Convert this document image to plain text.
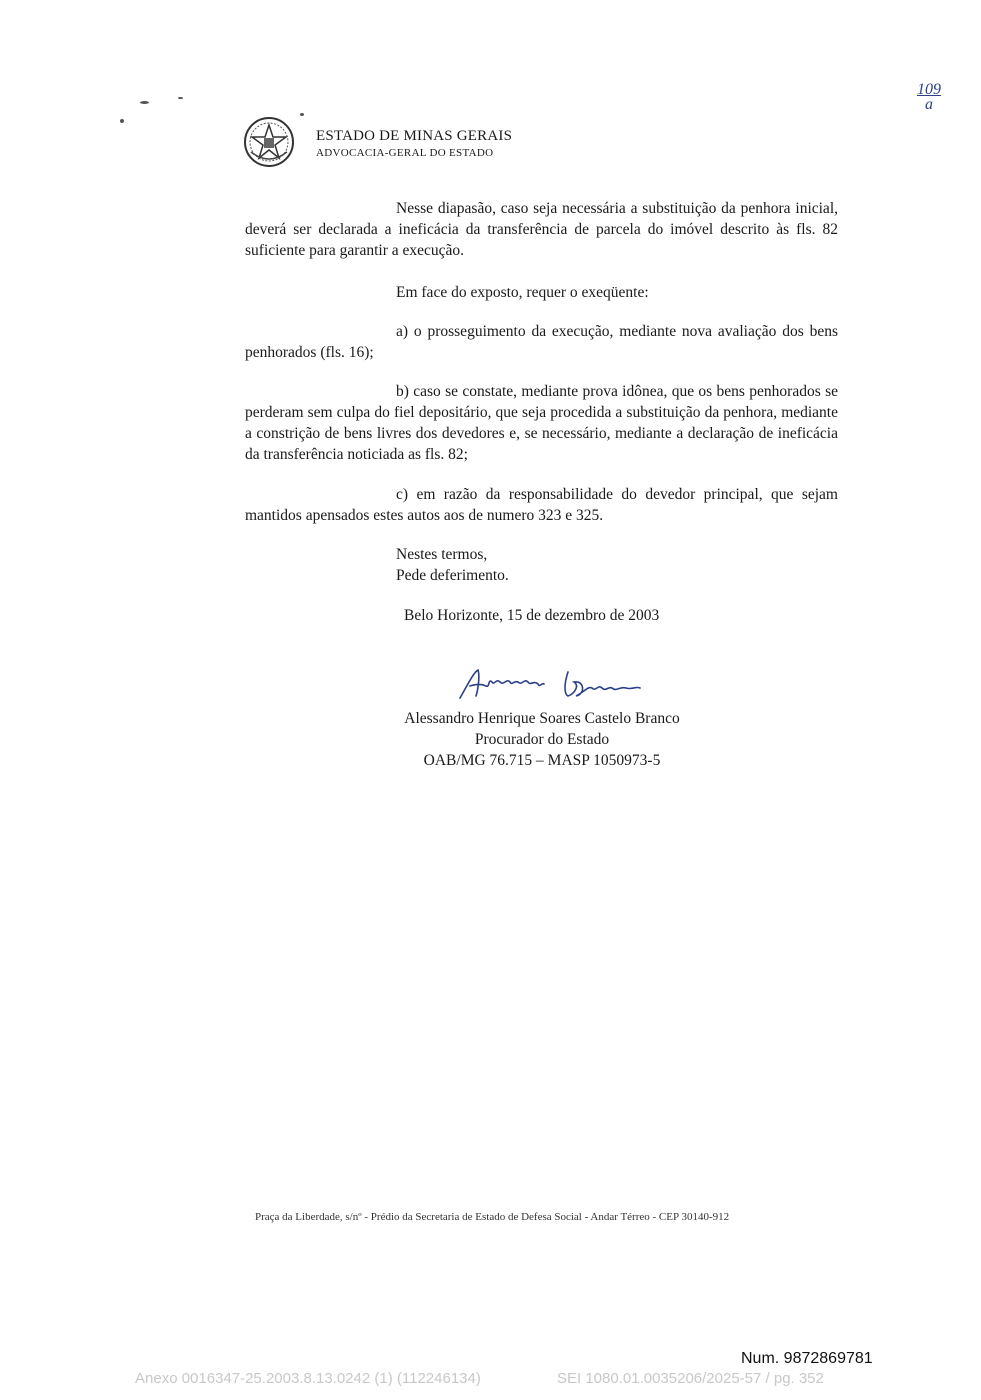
109
a
ESTADO DE MINAS GERAIS
ADVOCACIA-GERAL DO ESTADO

Nesse diapasão, caso seja necessária a substituição da penhora inicial, deverá ser declarada a ineficácia da transferência de parcela do imóvel descrito às fls. 82 suficiente para garantir a execução.

Em face do exposto, requer o exeqüente:

a) o prosseguimento da execução, mediante nova avaliação dos bens penhorados (fls. 16);

b) caso se constate, mediante prova idônea, que os bens penhorados se perderam sem culpa do fiel depositário, que seja procedida a substituição da penhora, mediante a constrição de bens livres dos devedores e, se necessário, mediante a declaração de ineficácia da transferência noticiada as fls. 82;

c) em razão da responsabilidade do devedor principal, que sejam mantidos apensados estes autos aos de numero 323 e 325.

Nestes termos,
Pede deferimento.
Belo Horizonte, 15 de dezembro de 2003
Alessandro Henrique Soares Castelo Branco
Procurador do Estado
OAB/MG 76.715 – MASP 1050973-5
Praça da Liberdade, s/nº - Prédio da Secretaria de Estado de Defesa Social - Andar Térreo - CEP 30140-912
Num. 9872869781
Anexo 0016347-25.2003.8.13.0242 (1) (112246134)	SEI 1080.01.0035206/2025-57 / pg. 352
